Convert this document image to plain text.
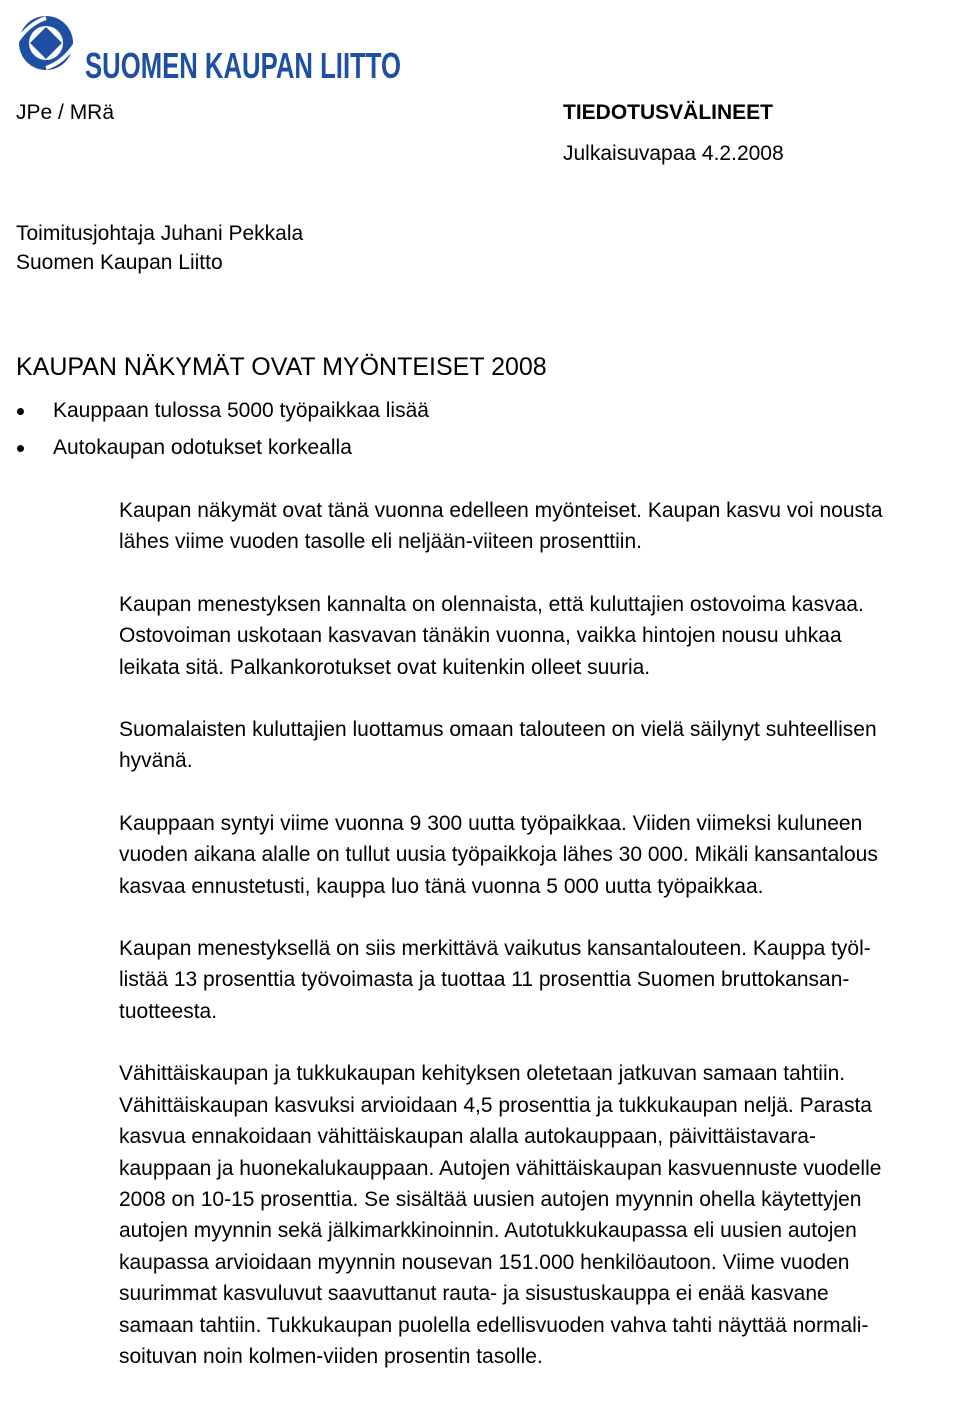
SUOMEN KAUPAN LIITTO
JPe / MRä	TIEDOTUSVÄLINEET
Julkaisuvapaa 4.2.2008
Toimitusjohtaja Juhani Pekkala
Suomen Kaupan Liitto
KAUPAN NÄKYMÄT OVAT MYÖNTEISET 2008
Kauppaan tulossa 5000 työpaikkaa lisää
Autokaupan odotukset korkealla

Kaupan näkymät ovat tänä vuonna edelleen myönteiset. Kaupan kasvu voi nousta
lähes viime vuoden tasolle eli neljään-viiteen prosenttiin.

Kaupan menestyksen kannalta on olennaista, että kuluttajien ostovoima kasvaa.
Ostovoiman uskotaan kasvavan tänäkin vuonna, vaikka hintojen nousu uhkaa
leikata sitä. Palkankorotukset ovat kuitenkin olleet suuria.

Suomalaisten kuluttajien luottamus omaan talouteen on vielä säilynyt suhteellisen
hyvänä.

Kauppaan syntyi viime vuonna 9 300 uutta työpaikkaa. Viiden viimeksi kuluneen
vuoden aikana alalle on tullut uusia työpaikkoja lähes 30 000. Mikäli kansantalous
kasvaa ennustetusti, kauppa luo tänä vuonna 5 000 uutta työpaikkaa.

Kaupan menestyksellä on siis merkittävä vaikutus kansantalouteen. Kauppa työl-
listää 13 prosenttia työvoimasta ja tuottaa 11 prosenttia Suomen bruttokansan-
tuotteesta.

Vähittäiskaupan ja tukkukaupan kehityksen oletetaan jatkuvan samaan tahtiin.
Vähittäiskaupan kasvuksi arvioidaan 4,5 prosenttia ja tukkukaupan neljä. Parasta
kasvua ennakoidaan vähittäiskaupan alalla autokauppaan, päivittäistavara-
kauppaan ja huonekalukauppaan. Autojen vähittäiskaupan kasvuennuste vuodelle
2008 on 10-15 prosenttia. Se sisältää uusien autojen myynnin ohella käytettyjen
autojen myynnin sekä jälkimarkkinoinnin. Autotukkukaupassa eli uusien autojen
kaupassa arvioidaan myynnin nousevan 151.000 henkilöautoon. Viime vuoden
suurimmat kasvuluvut saavuttanut rauta- ja sisustuskauppa ei enää kasvane
samaan tahtiin. Tukkukaupan puolella edellisvuoden vahva tahti näyttää normali-
soituvan noin kolmen-viiden prosentin tasolle.
